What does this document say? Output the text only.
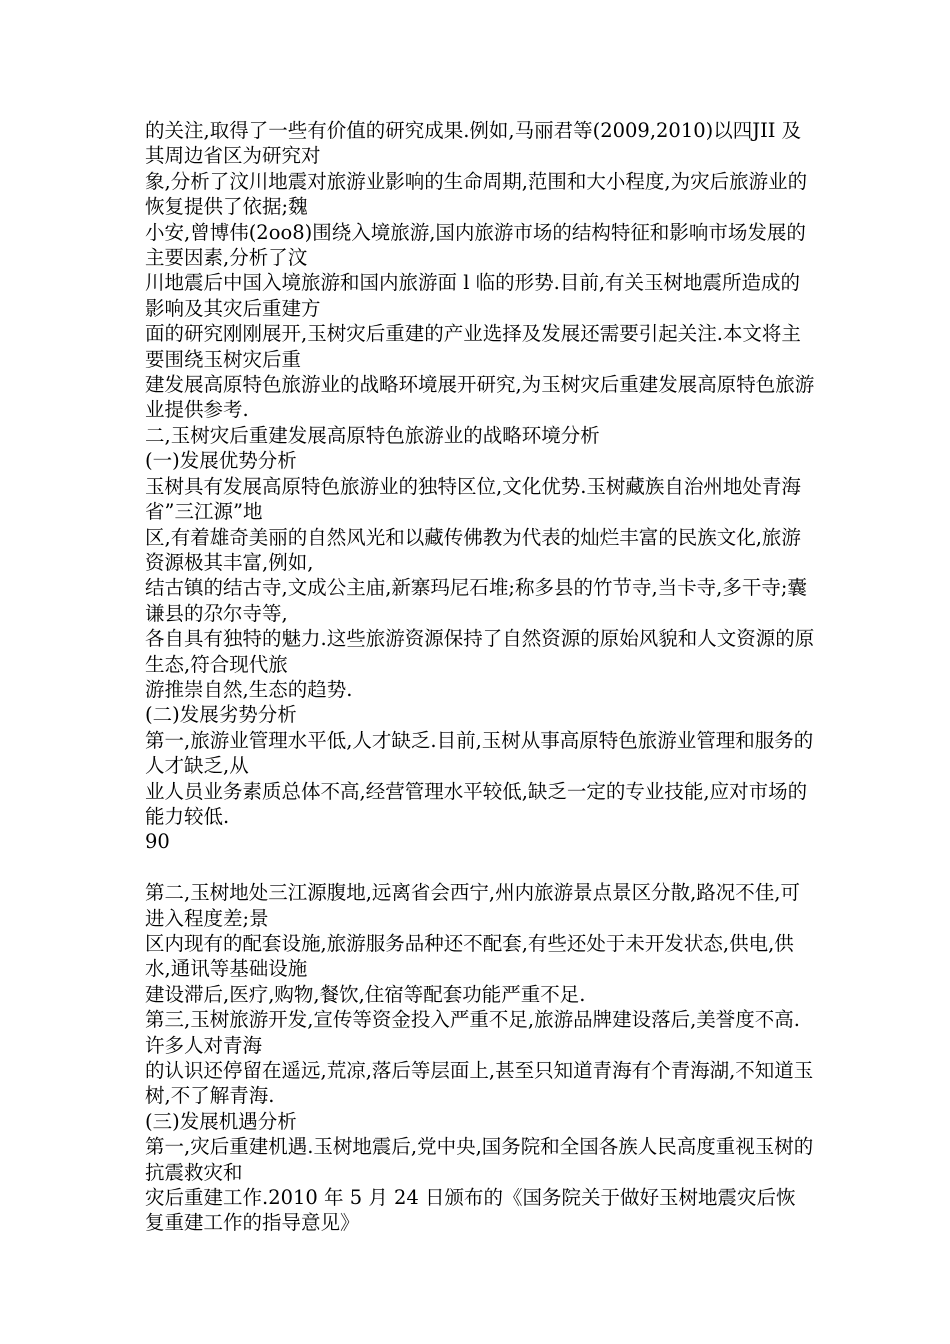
的关注,取得了一些有价值的研究成果.例如,马丽君等(2009,2010)以四JII 及其周边省区为研究对
象,分析了汶川地震对旅游业影响的生命周期,范围和大小程度,为灾后旅游业的恢复提供了依据;魏
小安,曾博伟(2oo8)围绕入境旅游,国内旅游市场的结构特征和影响市场发展的主要因素,分析了汶
川地震后中国入境旅游和国内旅游面 l 临的形势.目前,有关玉树地震所造成的影响及其灾后重建方
面的研究刚刚展开,玉树灾后重建的产业选择及发展还需要引起关注.本文将主要围绕玉树灾后重
建发展高原特色旅游业的战略环境展开研究,为玉树灾后重建发展高原特色旅游业提供参考.
二,玉树灾后重建发展高原特色旅游业的战略环境分析
(一)发展优势分析
玉树具有发展高原特色旅游业的独特区位,文化优势.玉树藏族自治州地处青海省”三江源”地
区,有着雄奇美丽的自然风光和以藏传佛教为代表的灿烂丰富的民族文化,旅游资源极其丰富,例如,
结古镇的结古寺,文成公主庙,新寨玛尼石堆;称多县的竹节寺,当卡寺,多干寺;囊谦县的尕尔寺等,
各自具有独特的魅力.这些旅游资源保持了自然资源的原始风貌和人文资源的原生态,符合现代旅
游推崇自然,生态的趋势.
(二)发展劣势分析
第一,旅游业管理水平低,人才缺乏.目前,玉树从事高原特色旅游业管理和服务的人才缺乏,从
业人员业务素质总体不高,经营管理水平较低,缺乏一定的专业技能,应对市场的能力较低.
90
第二,玉树地处三江源腹地,远离省会西宁,州内旅游景点景区分散,路况不佳,可进入程度差;景
区内现有的配套设施,旅游服务品种还不配套,有些还处于未开发状态,供电,供水,通讯等基础设施
建设滞后,医疗,购物,餐饮,住宿等配套功能严重不足.
第三,玉树旅游开发,宣传等资金投入严重不足,旅游品牌建设落后,美誉度不高.许多人对青海
的认识还停留在遥远,荒凉,落后等层面上,甚至只知道青海有个青海湖,不知道玉树,不了解青海.
(三)发展机遇分析
第一,灾后重建机遇.玉树地震后,党中央,国务院和全国各族人民高度重视玉树的抗震救灾和
灾后重建工作.2010 年 5 月 24 日颁布的《国务院关于做好玉树地震灾后恢复重建工作的指导意见》
